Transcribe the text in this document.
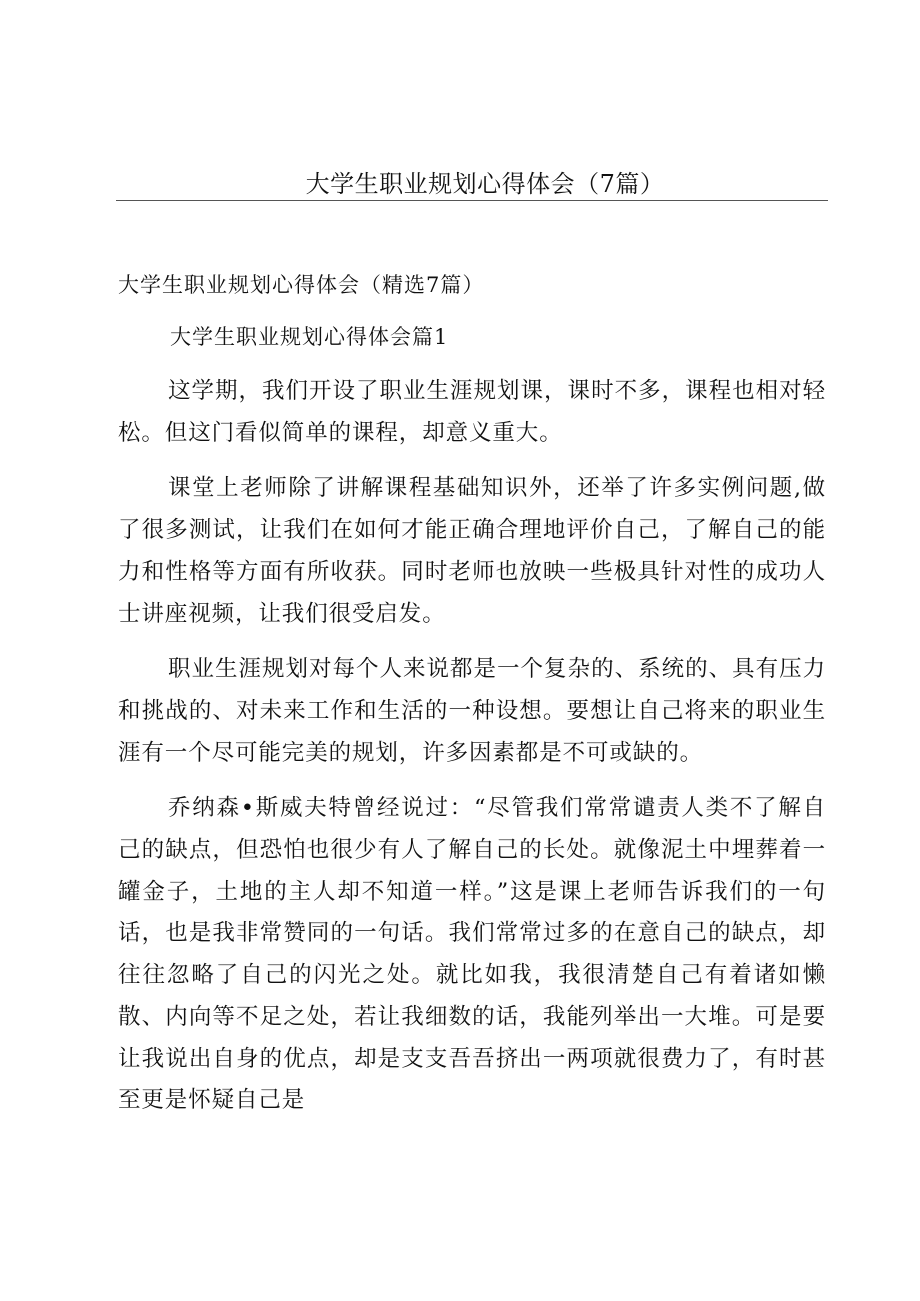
大学生职业规划心得体会（7篇）

大学生职业规划心得体会（精选7篇）

大学生职业规划心得体会篇1

这学期，我们开设了职业生涯规划课，课时不多，课程也相对轻松。但这门看似简单的课程，却意义重大。

课堂上老师除了讲解课程基础知识外，还举了许多实例问题,做了很多测试，让我们在如何才能正确合理地评价自己，了解自己的能力和性格等方面有所收获。同时老师也放映一些极具针对性的成功人士讲座视频，让我们很受启发。

职业生涯规划对每个人来说都是一个复杂的、系统的、具有压力和挑战的、对未来工作和生活的一种设想。要想让自己将来的职业生涯有一个尽可能完美的规划，许多因素都是不可或缺的。

乔纳森•斯威夫特曾经说过：“尽管我们常常谴责人类不了解自己的缺点，但恐怕也很少有人了解自己的长处。就像泥土中埋葬着一罐金子，土地的主人却不知道一样。”这是课上老师告诉我们的一句话，也是我非常赞同的一句话。我们常常过多的在意自己的缺点，却往往忽略了自己的闪光之处。就比如我，我很清楚自己有着诸如懒散、内向等不足之处，若让我细数的话，我能列举出一大堆。可是要让我说出自身的优点，却是支支吾吾挤出一两项就很费力了，有时甚至更是怀疑自己是
